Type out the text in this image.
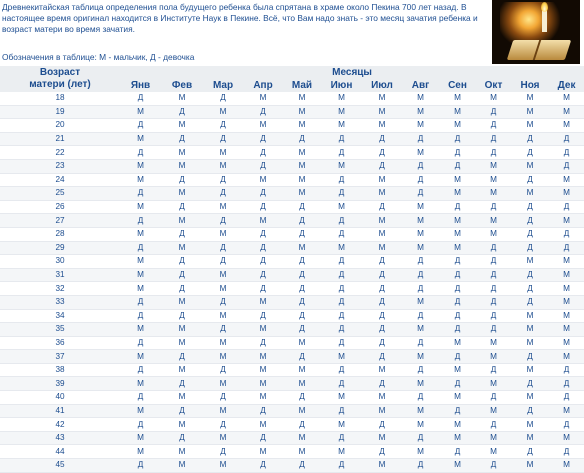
Древнекитайская таблица определения пола будущего ребенка была спрятана в храме около Пекина 700 лет назад. В настоящее время оригинал находится в Институте Наук в Пекине. Всё, что Вам надо знать - это месяц зачатия ребенка и возраст матери во время зачатия.
Обозначения в таблице: М - мальчик, Д - девочка
Возраст
матери (лет)	Месяцы											
	Янв	Фев	Мар	Апр	Май	Июн	Июл	Авг	Сен	Окт	Ноя	Дек
18	Д	М	Д	М	М	М	М	М	М	М	М	М
19	М	Д	М	Д	М	М	М	М	М	Д	М	М
20	Д	М	Д	М	М	М	М	М	М	Д	М	М
21	М	Д	Д	Д	Д	Д	Д	Д	Д	Д	Д	Д
22	Д	М	М	Д	М	Д	Д	М	Д	Д	Д	Д
23	М	М	М	Д	М	М	Д	Д	Д	М	М	Д
24	М	Д	Д	М	М	Д	М	Д	М	М	Д	М
25	Д	М	Д	Д	М	Д	М	Д	М	М	М	М
26	М	Д	М	Д	Д	М	Д	М	Д	Д	Д	Д
27	Д	М	Д	М	Д	Д	М	М	М	М	Д	М
28	М	Д	М	Д	Д	Д	М	М	М	М	Д	Д
29	Д	М	Д	Д	М	М	М	М	М	Д	Д	Д
30	М	Д	Д	Д	Д	Д	Д	Д	Д	Д	М	М
31	М	Д	М	Д	Д	Д	Д	Д	Д	Д	Д	М
32	М	Д	М	Д	Д	Д	Д	Д	Д	Д	Д	М
33	Д	М	Д	М	Д	Д	Д	М	Д	Д	Д	М
34	Д	Д	М	Д	Д	Д	Д	Д	Д	Д	М	М
35	М	М	Д	М	Д	Д	Д	М	Д	Д	М	М
36	Д	М	М	Д	М	Д	Д	Д	М	М	М	М
37	М	Д	М	М	Д	М	Д	М	Д	М	Д	М
38	Д	М	Д	М	М	Д	М	Д	М	Д	М	Д
39	М	Д	М	М	М	Д	Д	М	Д	М	Д	Д
40	Д	М	Д	М	Д	М	М	Д	М	Д	М	Д
41	М	Д	М	Д	М	Д	М	М	Д	М	Д	М
42	Д	М	Д	М	Д	М	Д	М	М	Д	М	Д
43	М	Д	М	Д	М	Д	М	Д	М	М	М	М
44	М	М	Д	М	М	М	Д	М	Д	М	Д	Д
45	Д	М	М	Д	Д	Д	М	Д	М	Д	М	М
